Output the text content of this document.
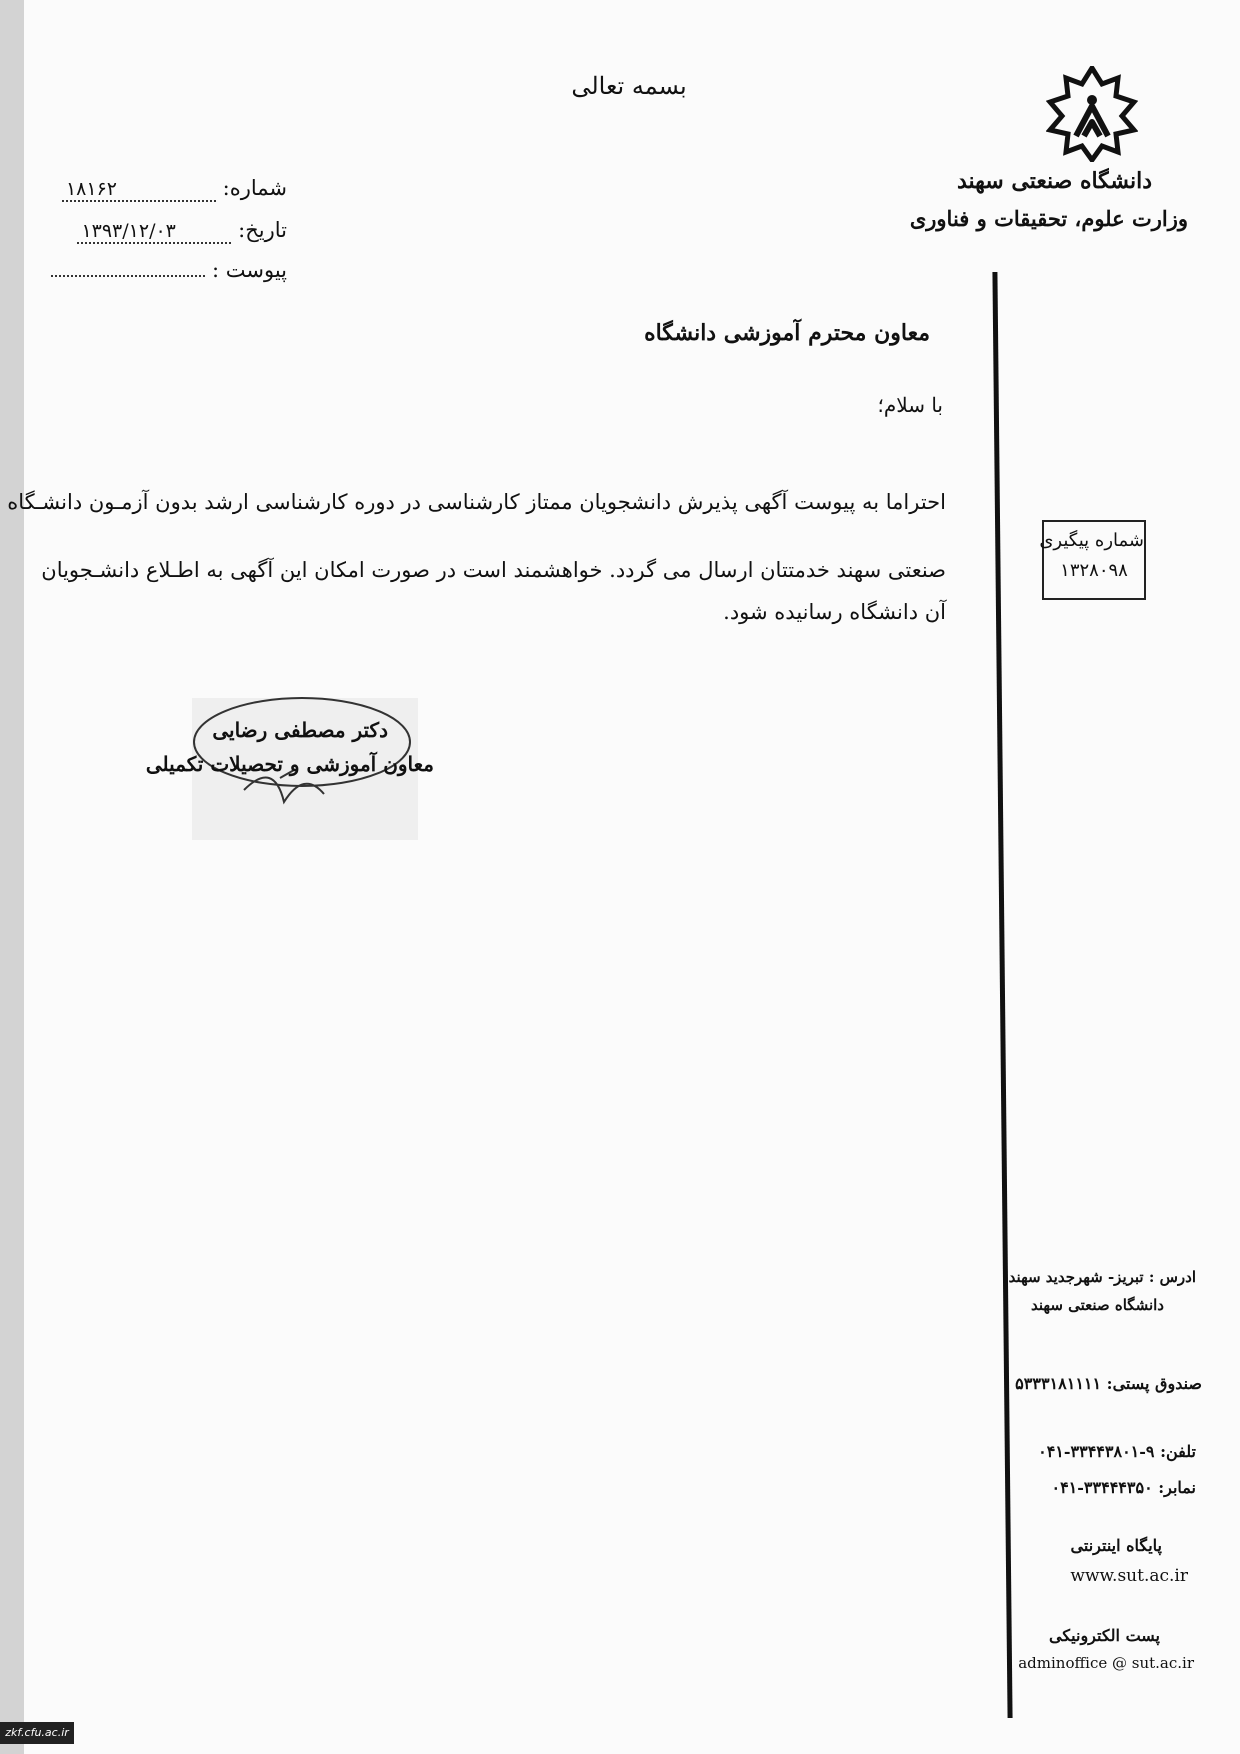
بسمه تعالی
دانشگاه صنعتی سهند
وزارت علوم، تحقیقات و فناوری
شماره: ۱۸۱۶۲
تاریخ: ۱۳۹۳/۱۲/۰۳
پیوست :
شماره پیگیری
۱۳۲۸۰۹۸
معاون محترم آموزشی دانشگاه
با سلام؛
احتراما به پیوست آگهی پذیرش دانشجویان ممتاز کارشناسی در دوره کارشناسی ارشد بدون آزمـون دانشـگاه
صنعتی سهند خدمتتان ارسال می گردد. خواهشمند است در صورت امکان این آگهی به اطـلاع دانشـجویان
آن دانشگاه رسانیده شود.
دکتر مصطفی رضایی
معاون آموزشی و تحصیلات تکمیلی
ادرس : تبریز- شهرجدید سهند
دانشگاه صنعتی سهند
صندوق پستی: ۵۳۳۳۱۸۱۱۱۱
تلفن: ۹-۳۳۴۴۳۸۰۱-۰۴۱
نمابر: ۳۳۴۴۴۳۵۰-۰۴۱
پایگاه اینترنتی
www.sut.ac.ir
پست الکترونیکی
adminoffice @ sut.ac.ir
zkf.cfu.ac.ir
